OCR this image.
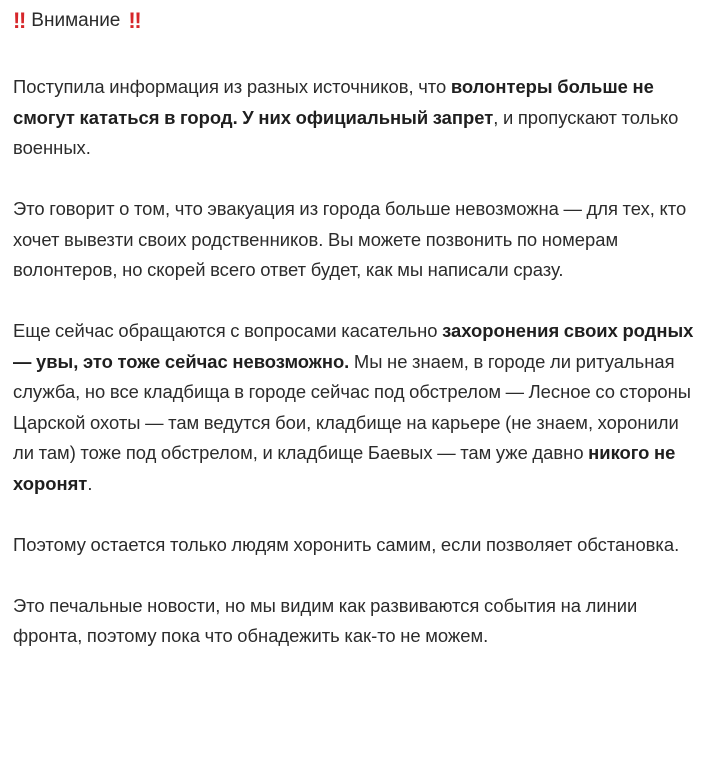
‼ Внимание ‼

Поступила информация из разных источников, что волонтеры больше не смогут кататься в город. У них официальный запрет, и пропускают только военных.

Это говорит о том, что эвакуация из города больше невозможна — для тех, кто хочет вывезти своих родственников. Вы можете позвонить по номерам волонтеров, но скорей всего ответ будет, как мы написали сразу.

Еще сейчас обращаются с вопросами касательно захоронения своих родных — увы, это тоже сейчас невозможно. Мы не знаем, в городе ли ритуальная служба, но все кладбища в городе сейчас под обстрелом — Лесное со стороны Царской охоты — там ведутся бои, кладбище на карьере (не знаем, хоронили ли там) тоже под обстрелом, и кладбище Баевых — там уже давно никого не хоронят.

Поэтому остается только людям хоронить самим, если позволяет обстановка.

Это печальные новости, но мы видим как развиваются события на линии фронта, поэтому пока что обнадежить как-то не можем.
